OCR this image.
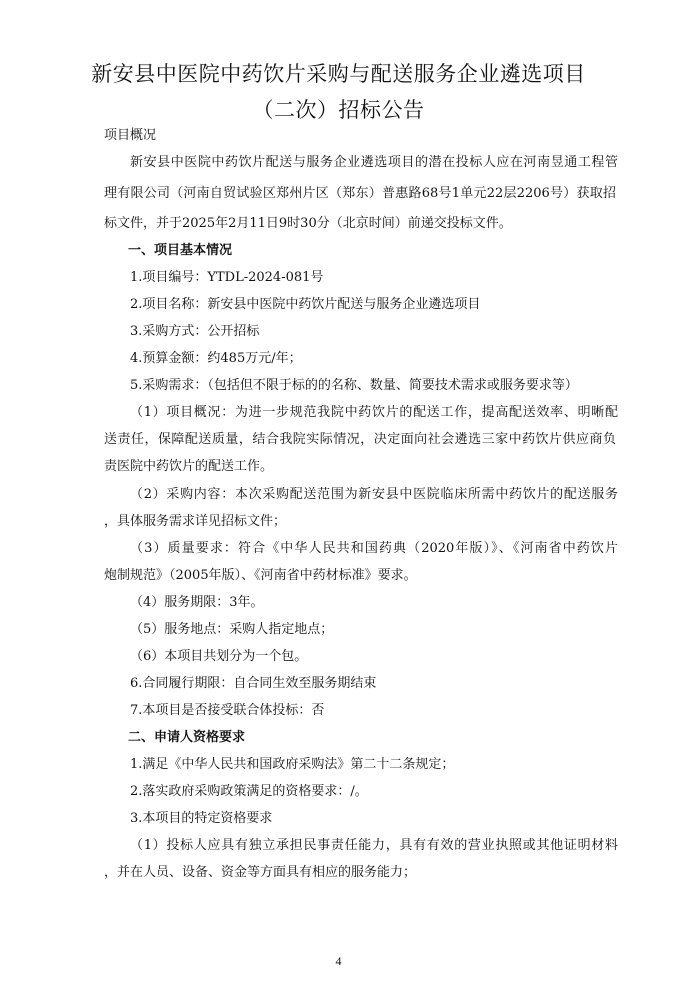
新安县中医院中药饮片采购与配送服务企业遴选项目
（二次）招标公告
项目概况
新安县中医院中药饮片配送与服务企业遴选项目的潜在投标人应在河南昱通工程管
理有限公司（河南自贸试验区郑州片区（郑东）普惠路68号1单元22层2206号）获取招
标文件，并于2025年2月11日9时30分（北京时间）前递交投标文件。
一、项目基本情况
1.项目编号：YTDL-2024-081号
2.项目名称：新安县中医院中药饮片配送与服务企业遴选项目
3.采购方式：公开招标
4.预算金额：约485万元/年；
5.采购需求：（包括但不限于标的的名称、数量、简要技术需求或服务要求等）
（1）项目概况：为进一步规范我院中药饮片的配送工作，提高配送效率、明晰配
送责任，保障配送质量，结合我院实际情况，决定面向社会遴选三家中药饮片供应商负
责医院中药饮片的配送工作。
（2）采购内容：本次采购配送范围为新安县中医院临床所需中药饮片的配送服务
，具体服务需求详见招标文件；
（3）质量要求：符合《中华人民共和国药典（2020年版）》、《河南省中药饮片
炮制规范》（2005年版）、《河南省中药材标准》要求。
（4）服务期限：3年。
（5）服务地点：采购人指定地点；
（6）本项目共划分为一个包。
6.合同履行期限：自合同生效至服务期结束
7.本项目是否接受联合体投标：否
二、申请人资格要求
1.满足《中华人民共和国政府采购法》第二十二条规定；
2.落实政府采购政策满足的资格要求：/。
3.本项目的特定资格要求
（1）投标人应具有独立承担民事责任能力，具有有效的营业执照或其他证明材料
，并在人员、设备、资金等方面具有相应的服务能力；
4
